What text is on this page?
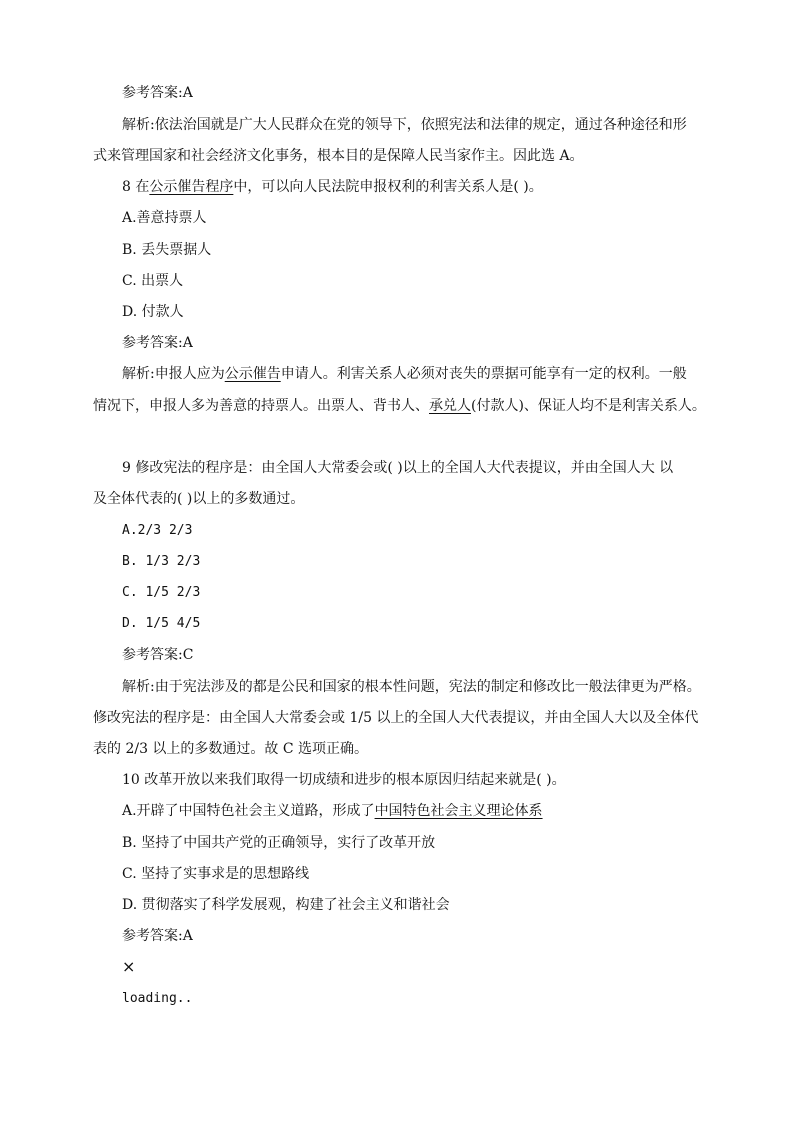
参考答案:A
解析:依法治国就是广大人民群众在党的领导下，依照宪法和法律的规定，通过各种途径和形
式来管理国家和社会经济文化事务，根本目的是保障人民当家作主。因此选 A。
8 在公示催告程序中，可以向人民法院申报权利的利害关系人是( )。
A.善意持票人
B. 丢失票据人
C. 出票人
D. 付款人
参考答案:A
解析:申报人应为公示催告申请人。利害关系人必须对丧失的票据可能享有一定的权利。一般
情况下，申报人多为善意的持票人。出票人、背书人、承兑人(付款人)、保证人均不是利害关系人。
9 修改宪法的程序是：由全国人大常委会或( )以上的全国人大代表提议，并由全国人大 以
及全体代表的( )以上的多数通过。
A.2/3 2/3
B. 1/3 2/3
C. 1/5 2/3
D. 1/5 4/5
参考答案:C
解析:由于宪法涉及的都是公民和国家的根本性问题，宪法的制定和修改比一般法律更为严格。
修改宪法的程序是：由全国人大常委会或 1/5 以上的全国人大代表提议，并由全国人大以及全体代
表的 2/3 以上的多数通过。故 C 选项正确。
10 改革开放以来我们取得一切成绩和进步的根本原因归结起来就是( )。
A.开辟了中国特色社会主义道路，形成了中国特色社会主义理论体系
B. 坚持了中国共产党的正确领导，实行了改革开放
C. 坚持了实事求是的思想路线
D. 贯彻落实了科学发展观，构建了社会主义和谐社会
参考答案:A
×
loading..
